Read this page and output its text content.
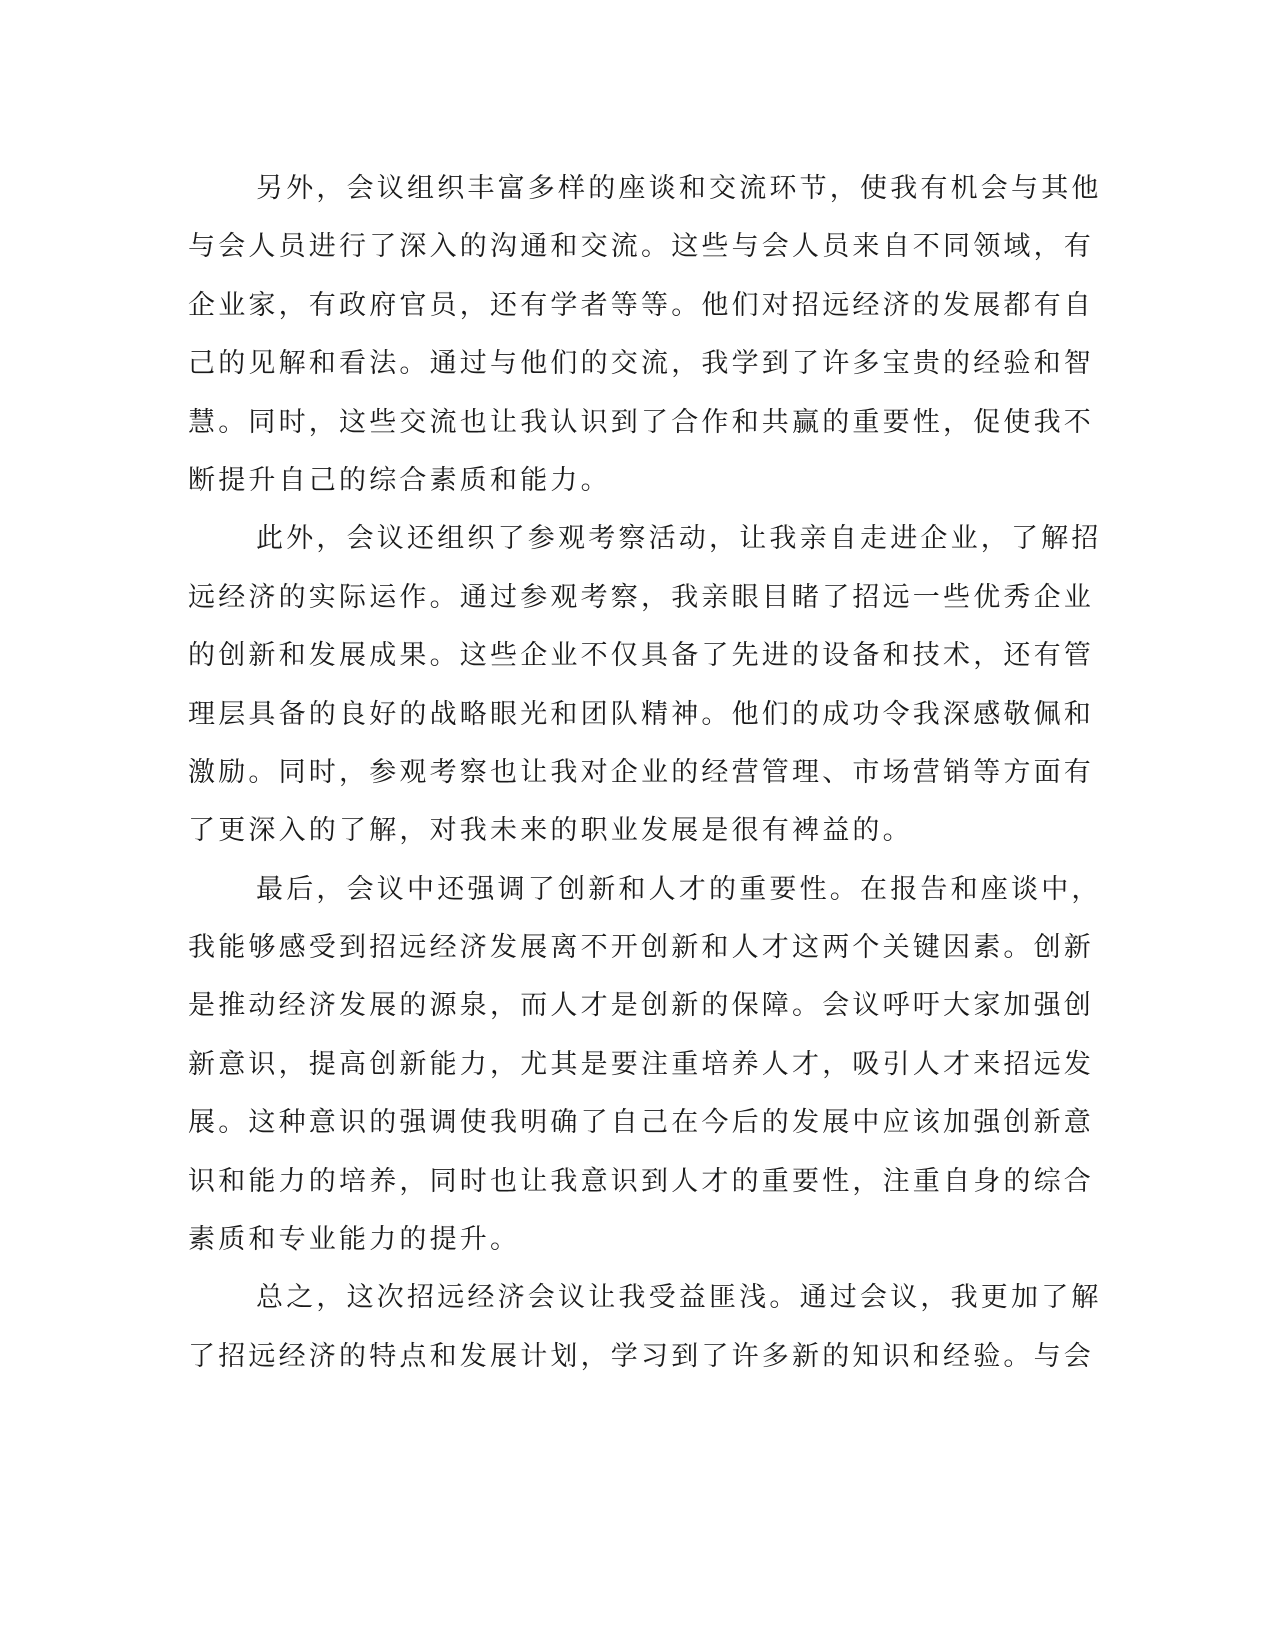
另外，会议组织丰富多样的座谈和交流环节，使我有机会与其他
与会人员进行了深入的沟通和交流。这些与会人员来自不同领域，有
企业家，有政府官员，还有学者等等。他们对招远经济的发展都有自
己的见解和看法。通过与他们的交流，我学到了许多宝贵的经验和智
慧。同时，这些交流也让我认识到了合作和共赢的重要性，促使我不
断提升自己的综合素质和能力。
此外，会议还组织了参观考察活动，让我亲自走进企业，了解招
远经济的实际运作。通过参观考察，我亲眼目睹了招远一些优秀企业
的创新和发展成果。这些企业不仅具备了先进的设备和技术，还有管
理层具备的良好的战略眼光和团队精神。他们的成功令我深感敬佩和
激励。同时，参观考察也让我对企业的经营管理、市场营销等方面有
了更深入的了解，对我未来的职业发展是很有裨益的。
最后，会议中还强调了创新和人才的重要性。在报告和座谈中，
我能够感受到招远经济发展离不开创新和人才这两个关键因素。创新
是推动经济发展的源泉，而人才是创新的保障。会议呼吁大家加强创
新意识，提高创新能力，尤其是要注重培养人才，吸引人才来招远发
展。这种意识的强调使我明确了自己在今后的发展中应该加强创新意
识和能力的培养，同时也让我意识到人才的重要性，注重自身的综合
素质和专业能力的提升。
总之，这次招远经济会议让我受益匪浅。通过会议，我更加了解
了招远经济的特点和发展计划，学习到了许多新的知识和经验。与会
